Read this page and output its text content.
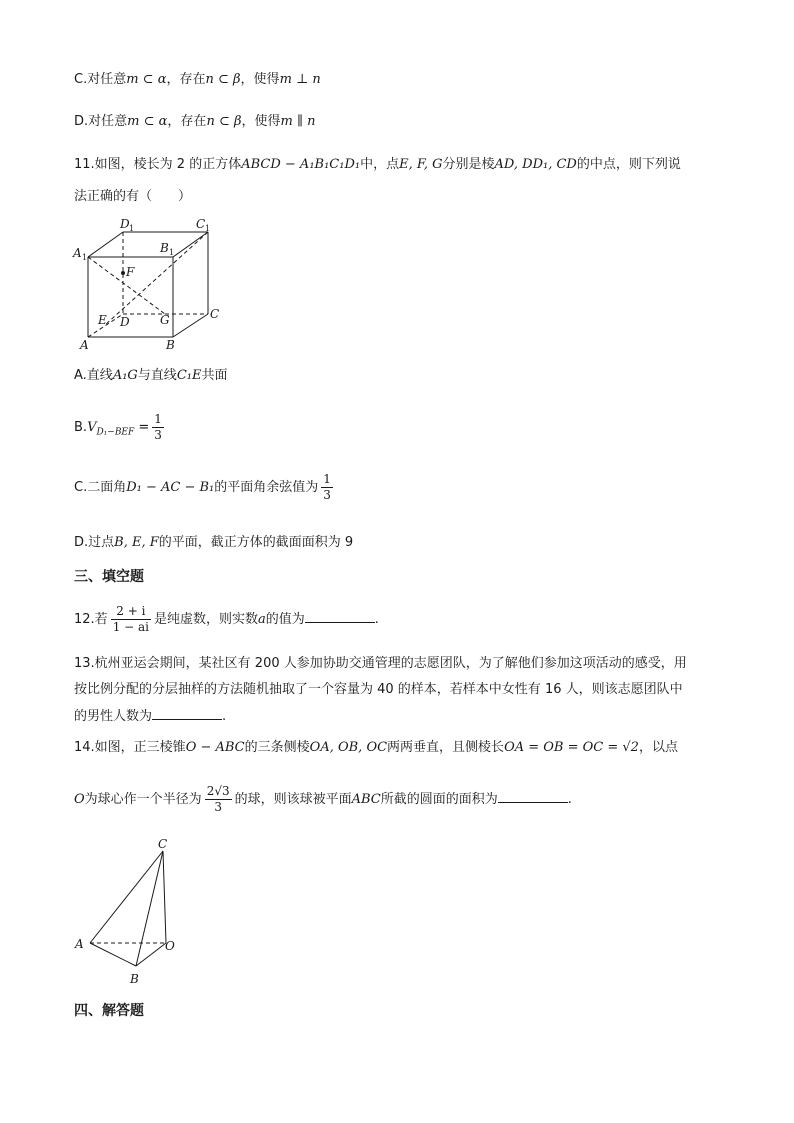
C.对任意m ⊂ α，存在n ⊂ β，使得m ⊥ n
D.对任意m ⊂ α，存在n ⊂ β，使得m ∥ n
11.如图，棱长为 2 的正方体ABCD − A₁B₁C₁D₁中，点E, F, G分别是棱AD, DD₁, CD的中点，则下列说
法正确的有（　　）
D 1	C 1
A 1
B 1
F
E D	G	C
A	B
A.直线A₁G与直线C₁E共面
$B.V_{D_1-BEF} = \frac{1}{3}$
C.二面角D₁ − AC − B₁的平面角余弦值为 $\frac{1}{3}$
D.过点B, E, F的平面，截正方体的截面面积为 9
三、填空题
12.若 $\frac{2 + i}{1 - ai}$ 是纯虚数，则实数a的值为	.
13.杭州亚运会期间，某社区有 200 人参加协助交通管理的志愿团队，为了解他们参加这项活动的感受，用
按比例分配的分层抽样的方法随机抽取了一个容量为 40 的样本，若样本中女性有 16 人，则该志愿团队中
的男性人数为	.
14.如图，正三棱锥O − ABC的三条侧棱OA, OB, OC两两垂直，且侧棱长OA = OB = OC = √2，以点
O为球心作一个半径为 $\frac{2√3}{3}$ 的球，则该球被平面ABC所截的圆面的面积为	.
C
A	O
B
四、解答题
